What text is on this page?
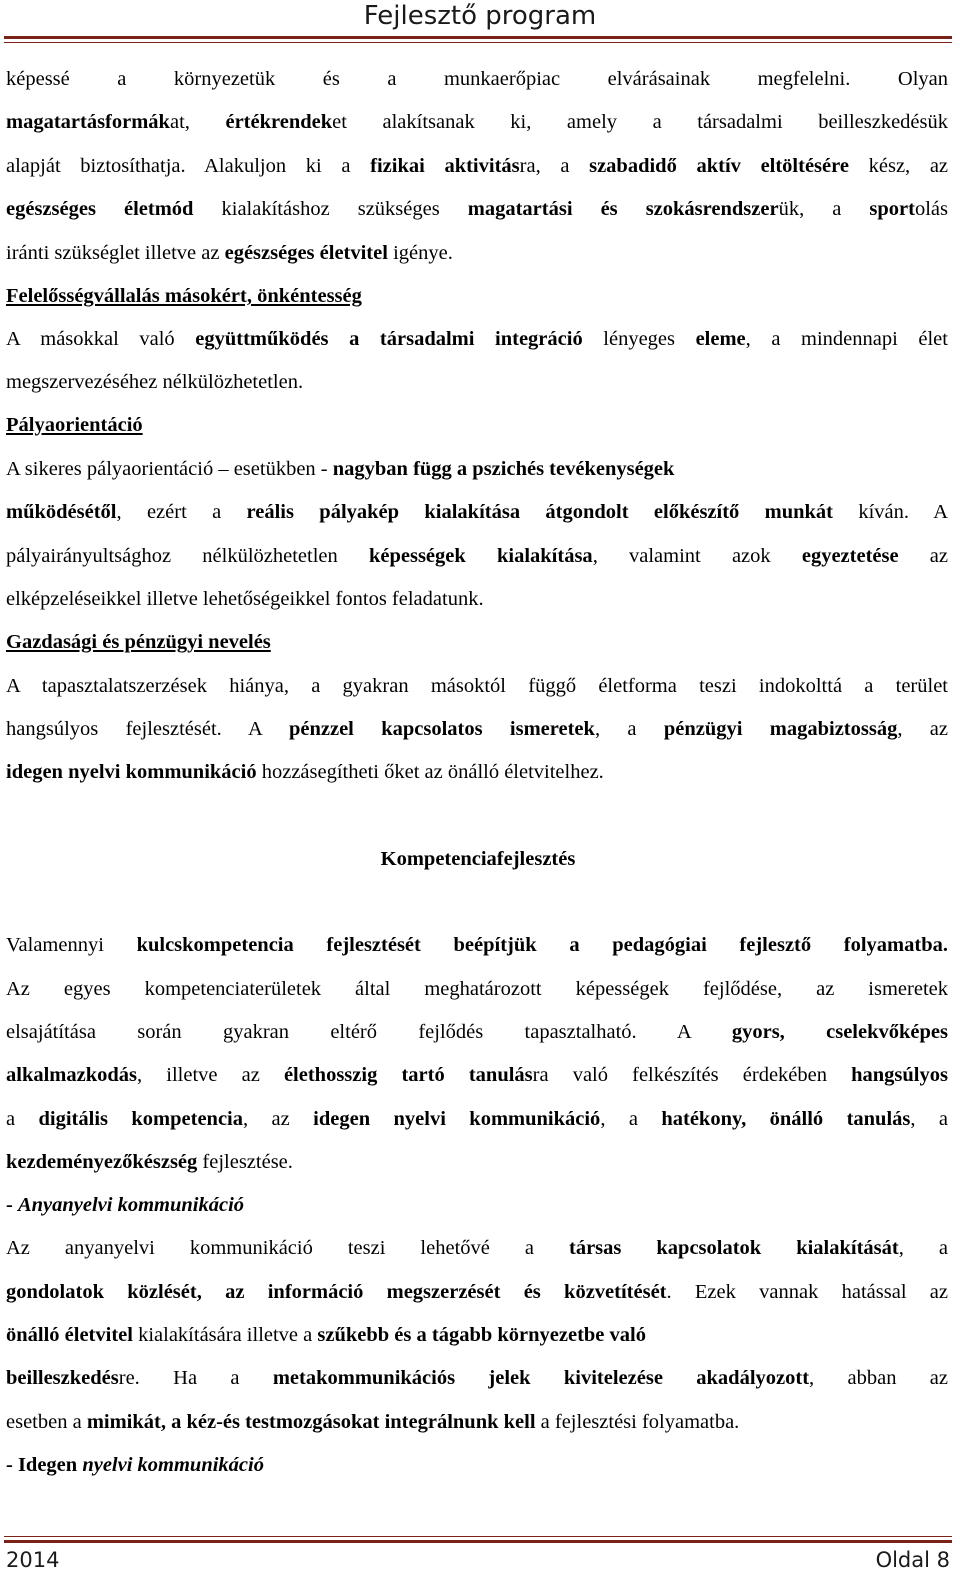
Fejlesztő program
képessé a környezetük és a munkaerőpiac elvárásainak megfelelni. Olyan
magatartásformákat, értékrendeket alakítsanak ki, amely a társadalmi beilleszkedésük
alapját biztosíthatja. Alakuljon ki a fizikai aktivitásra, a szabadidő aktív eltöltésére kész, az
egészséges életmód kialakításhoz szükséges magatartási és szokásrendszerük, a sportolás
iránti szükséglet illetve az egészséges életvitel igénye.
Felelősségvállalás másokért, önkéntesség
A másokkal való együttműködés a társadalmi integráció lényeges eleme, a mindennapi élet
megszervezéséhez nélkülözhetetlen.
Pályaorientáció
A sikeres pályaorientáció – esetükben - nagyban függ a pszichés tevékenységek
működésétől, ezért a reális pályakép kialakítása átgondolt előkészítő munkát kíván. A
pályairányultsághoz nélkülözhetetlen képességek kialakítása, valamint azok egyeztetése az
elképzeléseikkel illetve lehetőségeikkel fontos feladatunk.
Gazdasági és pénzügyi nevelés
A tapasztalatszerzések hiánya, a gyakran másoktól függő életforma teszi indokolttá a terület
hangsúlyos fejlesztését. A pénzzel kapcsolatos ismeretek, a pénzügyi magabiztosság, az
idegen nyelvi kommunikáció hozzásegítheti őket az önálló életvitelhez.
Kompetenciafejlesztés
Valamennyi kulcskompetencia fejlesztését beépítjük a pedagógiai fejlesztő folyamatba.
Az egyes kompetenciaterületek által meghatározott képességek fejlődése, az ismeretek
elsajátítása során gyakran eltérő fejlődés tapasztalható. A gyors, cselekvőképes
alkalmazkodás, illetve az élethosszig tartó tanulásra való felkészítés érdekében hangsúlyos
a digitális kompetencia, az idegen nyelvi kommunikáció, a hatékony, önálló tanulás, a
kezdeményezőkészség fejlesztése.
- Anyanyelvi kommunikáció
Az anyanyelvi kommunikáció teszi lehetővé a társas kapcsolatok kialakítását, a
gondolatok közlését, az információ megszerzését és közvetítését. Ezek vannak hatással az
önálló életvitel kialakítására illetve a szűkebb és a tágabb környezetbe való
beilleszkedésre. Ha a metakommunikációs jelek kivitelezése akadályozott, abban az
esetben a mimikát, a kéz-és testmozgásokat integrálnunk kell a fejlesztési folyamatba.
- Idegen nyelvi kommunikáció
2014	Oldal 8
